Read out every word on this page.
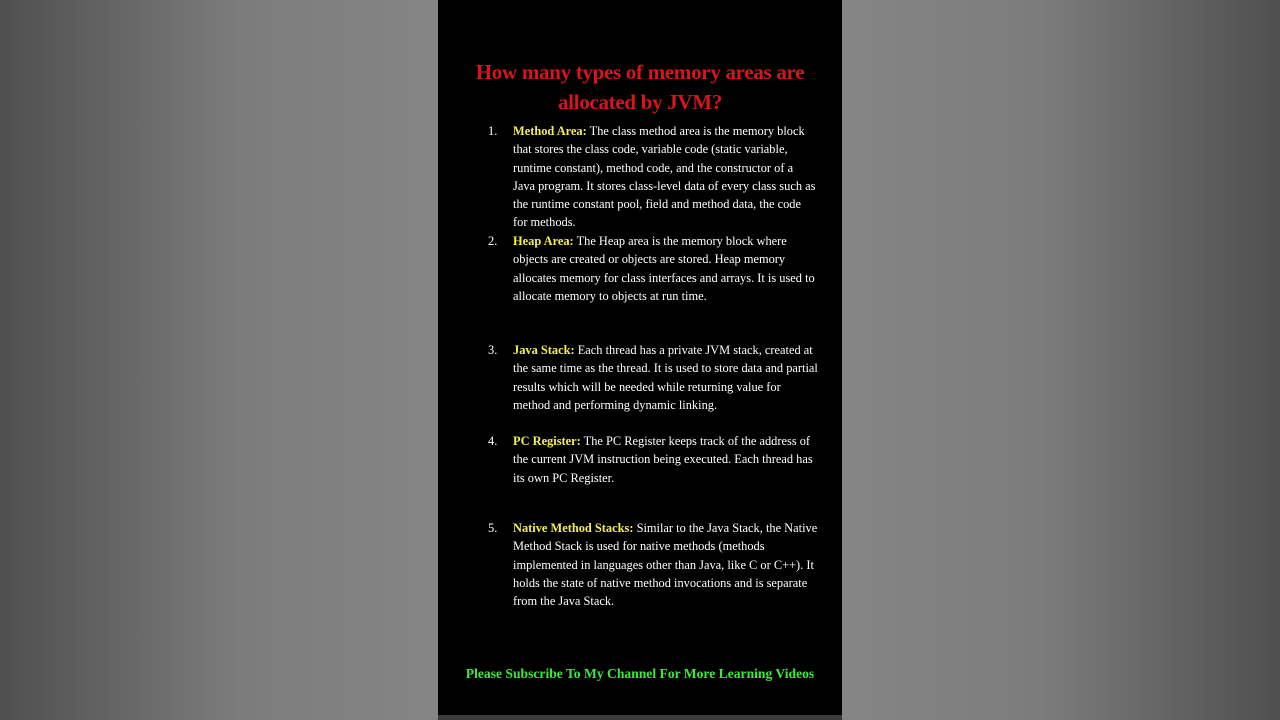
How many types of memory areas are
allocated by JVM?
1.	Method Area: The class method area is the memory block that stores the class code, variable code (static variable, runtime constant), method code, and the constructor of a Java program. It stores class-level data of every class such as the runtime constant pool, field and method data, the code for methods.
2.	Heap Area: The Heap area is the memory block where objects are created or objects are stored. Heap memory allocates memory for class interfaces and arrays. It is used to allocate memory to objects at run time.
3.	Java Stack: Each thread has a private JVM stack, created at the same time as the thread. It is used to store data and partial results which will be needed while returning value for method and performing dynamic linking.
4.	PC Register: The PC Register keeps track of the address of the current JVM instruction being executed. Each thread has its own PC Register.
5.	Native Method Stacks: Similar to the Java Stack, the Native Method Stack is used for native methods (methods implemented in languages other than Java, like C or C++). It holds the state of native method invocations and is separate from the Java Stack.
Please Subscribe To My Channel For More Learning Videos
